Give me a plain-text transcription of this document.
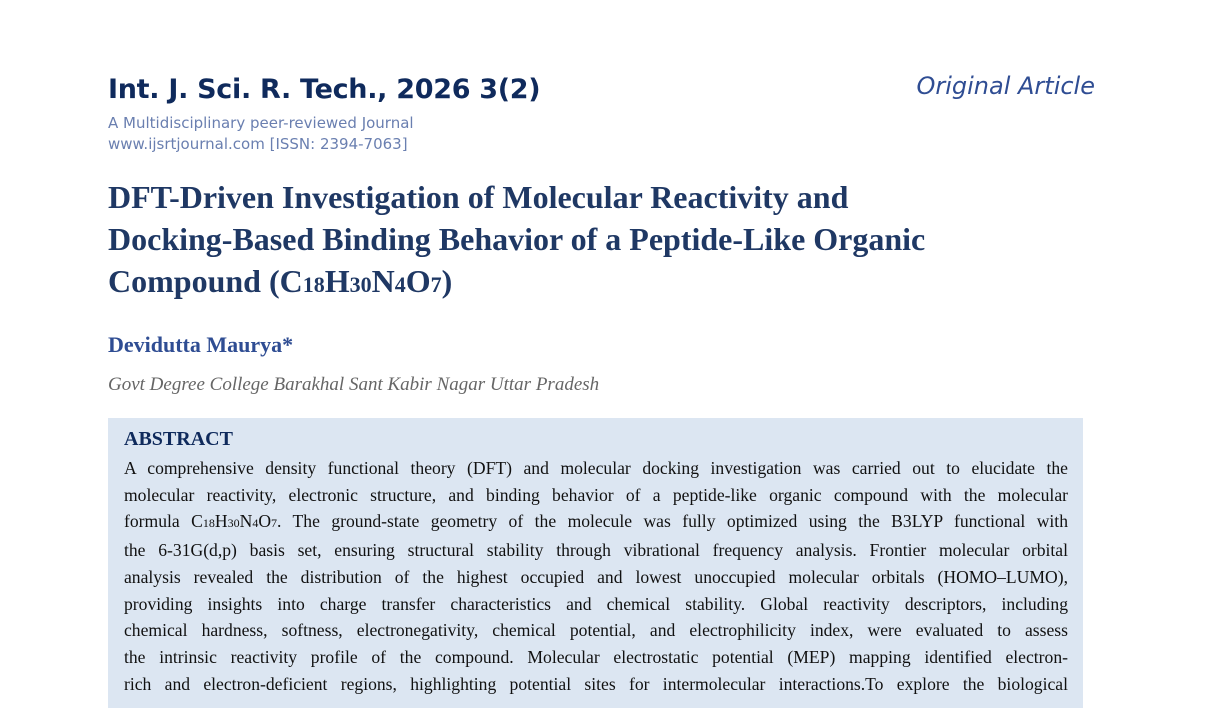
Int. J. Sci. R. Tech., 2026 3(2)
A Multidisciplinary peer-reviewed Journal
www.ijsrtjournal.com [ISSN: 2394-7063]
Original Article
DFT-Driven Investigation of Molecular Reactivity and
Docking-Based Binding Behavior of a Peptide-Like Organic
Compound (C18H30N4O7)
Devidutta Maurya*
Govt Degree College Barakhal Sant Kabir Nagar Uttar Pradesh
ABSTRACT
A comprehensive density functional theory (DFT) and molecular docking investigation was carried out to elucidate the
molecular reactivity, electronic structure, and binding behavior of a peptide-like organic compound with the molecular
formula C18H30N4O7. The ground-state geometry of the molecule was fully optimized using the B3LYP functional with
the 6-31G(d,p) basis set, ensuring structural stability through vibrational frequency analysis. Frontier molecular orbital
analysis revealed the distribution of the highest occupied and lowest unoccupied molecular orbitals (HOMO–LUMO),
providing insights into charge transfer characteristics and chemical stability. Global reactivity descriptors, including
chemical hardness, softness, electronegativity, chemical potential, and electrophilicity index, were evaluated to assess
the intrinsic reactivity profile of the compound. Molecular electrostatic potential (MEP) mapping identified electron-
rich and electron-deficient regions, highlighting potential sites for intermolecular interactions.To explore the biological
